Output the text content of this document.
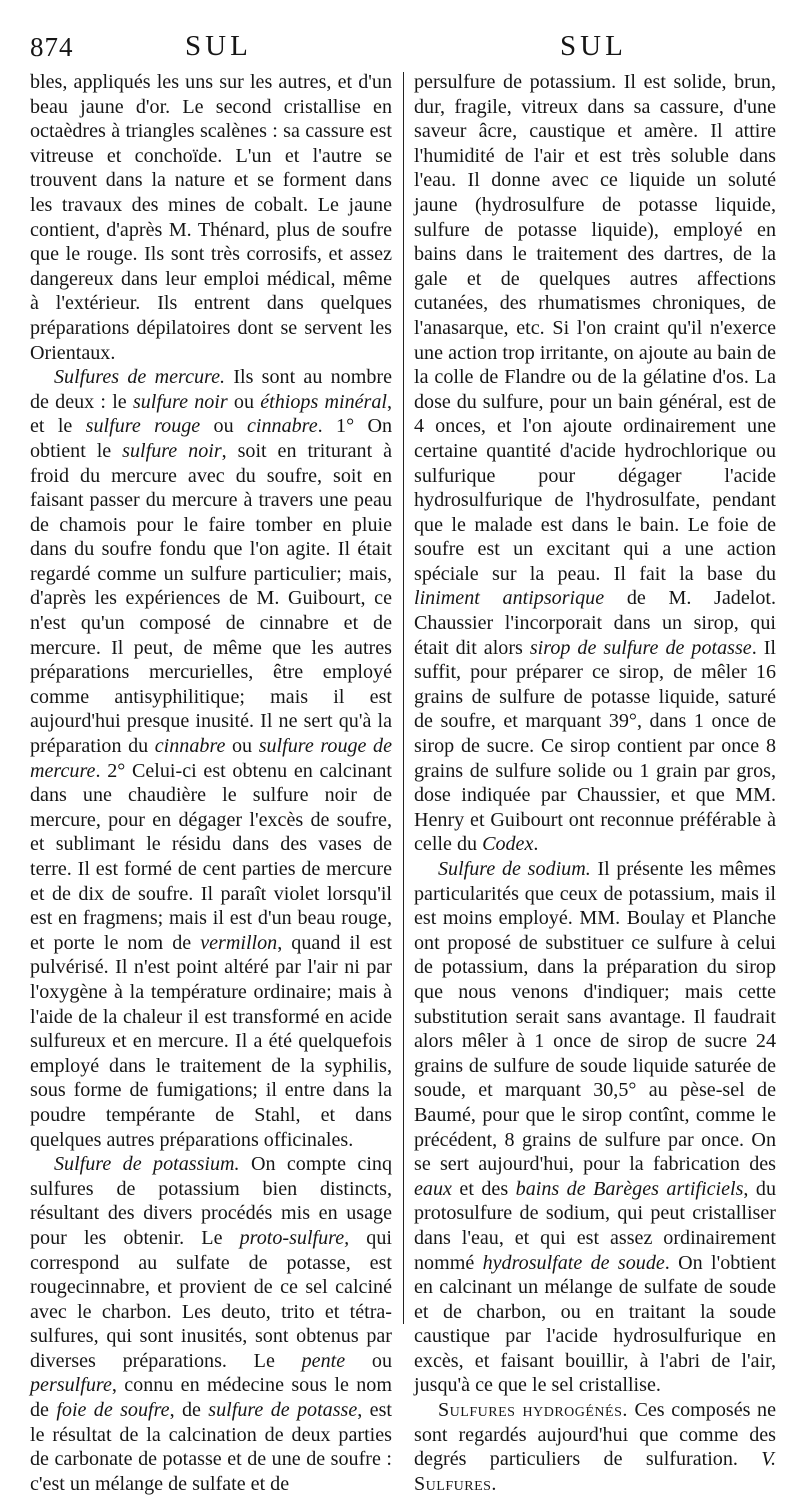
874	SUL	SUL

bles, appliqués les uns sur les autres, et d'un beau jaune d'or. Le second cristallise en octaèdres à triangles scalènes : sa cassure est vitreuse et conchoïde. L'un et l'autre se trouvent dans la nature et se forment dans les travaux des mines de cobalt. Le jaune contient, d'après M. Thénard, plus de soufre que le rouge. Ils sont très corrosifs, et assez dangereux dans leur emploi médical, même à l'extérieur. Ils entrent dans quelques préparations dépilatoires dont se servent les Orientaux.

Sulfures de mercure. Ils sont au nombre de deux : le sulfure noir ou éthiops minéral, et le sulfure rouge ou cinnabre. 1° On obtient le sulfure noir, soit en triturant à froid du mercure avec du soufre, soit en faisant passer du mercure à travers une peau de chamois pour le faire tomber en pluie dans du soufre fondu que l'on agite. Il était regardé comme un sulfure particulier; mais, d'après les expériences de M. Guibourt, ce n'est qu'un composé de cinnabre et de mercure. Il peut, de même que les autres préparations mercurielles, être employé comme antisyphilitique; mais il est aujourd'hui presque inusité. Il ne sert qu'à la préparation du cinnabre ou sulfure rouge de mercure. 2° Celui-ci est obtenu en calcinant dans une chaudière le sulfure noir de mercure, pour en dégager l'excès de soufre, et sublimant le résidu dans des vases de terre. Il est formé de cent parties de mercure et de dix de soufre. Il paraît violet lorsqu'il est en fragmens; mais il est d'un beau rouge, et porte le nom de vermillon, quand il est pulvérisé. Il n'est point altéré par l'air ni par l'oxygène à la température ordinaire; mais à l'aide de la chaleur il est transformé en acide sulfureux et en mercure. Il a été quelquefois employé dans le traitement de la syphilis, sous forme de fumigations; il entre dans la poudre tempérante de Stahl, et dans quelques autres préparations officinales.

Sulfure de potassium. On compte cinq sulfures de potassium bien distincts, résultant des divers procédés mis en usage pour les obtenir. Le proto-sulfure, qui correspond au sulfate de potasse, est rougecinnabre, et provient de ce sel calciné avec le charbon. Les deuto, trito et tétra-sulfures, qui sont inusités, sont obtenus par diverses préparations. Le pente ou persulfure, connu en médecine sous le nom de foie de soufre, de sulfure de potasse, est le résultat de la calcination de deux parties de carbonate de potasse et de une de soufre : c'est un mélange de sulfate et de

persulfure de potassium. Il est solide, brun, dur, fragile, vitreux dans sa cassure, d'une saveur âcre, caustique et amère. Il attire l'humidité de l'air et est très soluble dans l'eau. Il donne avec ce liquide un soluté jaune (hydrosulfure de potasse liquide, sulfure de potasse liquide), employé en bains dans le traitement des dartres, de la gale et de quelques autres affections cutanées, des rhumatismes chroniques, de l'anasarque, etc. Si l'on craint qu'il n'exerce une action trop irritante, on ajoute au bain de la colle de Flandre ou de la gélatine d'os. La dose du sulfure, pour un bain général, est de 4 onces, et l'on ajoute ordinairement une certaine quantité d'acide hydrochlorique ou sulfurique pour dégager l'acide hydrosulfurique de l'hydrosulfate, pendant que le malade est dans le bain. Le foie de soufre est un excitant qui a une action spéciale sur la peau. Il fait la base du liniment antipsorique de M. Jadelot. Chaussier l'incorporait dans un sirop, qui était dit alors sirop de sulfure de potasse. Il suffit, pour préparer ce sirop, de mêler 16 grains de sulfure de potasse liquide, saturé de soufre, et marquant 39°, dans 1 once de sirop de sucre. Ce sirop contient par once 8 grains de sulfure solide ou 1 grain par gros, dose indiquée par Chaussier, et que MM. Henry et Guibourt ont reconnue préférable à celle du Codex.

Sulfure de sodium. Il présente les mêmes particularités que ceux de potassium, mais il est moins employé. MM. Boulay et Planche ont proposé de substituer ce sulfure à celui de potassium, dans la préparation du sirop que nous venons d'indiquer; mais cette substitution serait sans avantage. Il faudrait alors mêler à 1 once de sirop de sucre 24 grains de sulfure de soude liquide saturée de soude, et marquant 30,5° au pèse-sel de Baumé, pour que le sirop contînt, comme le précédent, 8 grains de sulfure par once. On se sert aujourd'hui, pour la fabrication des eaux et des bains de Barèges artificiels, du protosulfure de sodium, qui peut cristalliser dans l'eau, et qui est assez ordinairement nommé hydrosulfate de soude. On l'obtient en calcinant un mélange de sulfate de soude et de charbon, ou en traitant la soude caustique par l'acide hydrosulfurique en excès, et faisant bouillir, à l'abri de l'air, jusqu'à ce que le sel cristallise.

Sulfures hydrogénés. Ces composés ne sont regardés aujourd'hui que comme des degrés particuliers de sulfuration. V. Sulfures.
